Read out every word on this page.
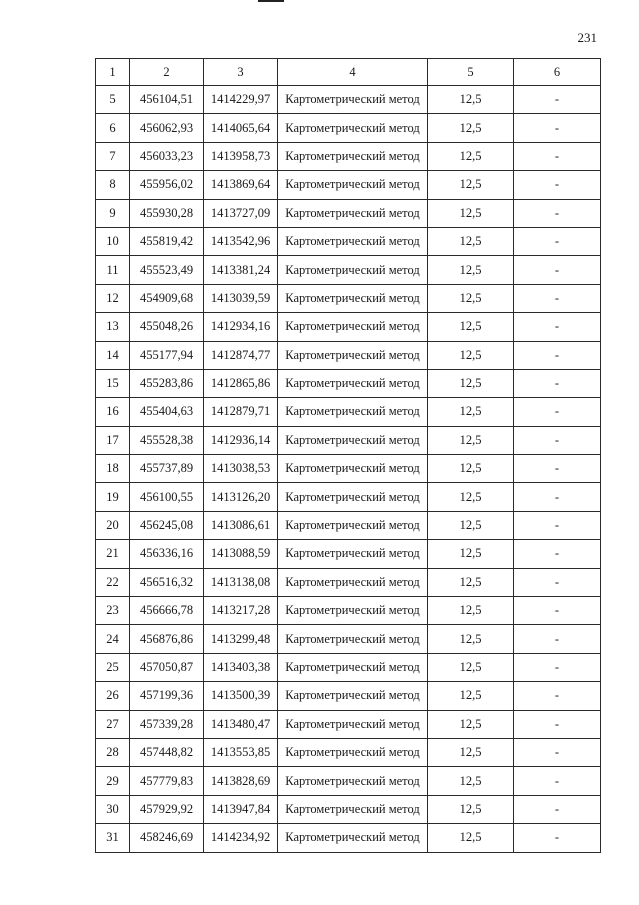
231
1	2	3	4	5	6
5	456104,51	1414229,97	Картометрический метод	12,5	-
6	456062,93	1414065,64	Картометрический метод	12,5	-
7	456033,23	1413958,73	Картометрический метод	12,5	-
8	455956,02	1413869,64	Картометрический метод	12,5	-
9	455930,28	1413727,09	Картометрический метод	12,5	-
10	455819,42	1413542,96	Картометрический метод	12,5	-
11	455523,49	1413381,24	Картометрический метод	12,5	-
12	454909,68	1413039,59	Картометрический метод	12,5	-
13	455048,26	1412934,16	Картометрический метод	12,5	-
14	455177,94	1412874,77	Картометрический метод	12,5	-
15	455283,86	1412865,86	Картометрический метод	12,5	-
16	455404,63	1412879,71	Картометрический метод	12,5	-
17	455528,38	1412936,14	Картометрический метод	12,5	-
18	455737,89	1413038,53	Картометрический метод	12,5	-
19	456100,55	1413126,20	Картометрический метод	12,5	-
20	456245,08	1413086,61	Картометрический метод	12,5	-
21	456336,16	1413088,59	Картометрический метод	12,5	-
22	456516,32	1413138,08	Картометрический метод	12,5	-
23	456666,78	1413217,28	Картометрический метод	12,5	-
24	456876,86	1413299,48	Картометрический метод	12,5	-
25	457050,87	1413403,38	Картометрический метод	12,5	-
26	457199,36	1413500,39	Картометрический метод	12,5	-
27	457339,28	1413480,47	Картометрический метод	12,5	-
28	457448,82	1413553,85	Картометрический метод	12,5	-
29	457779,83	1413828,69	Картометрический метод	12,5	-
30	457929,92	1413947,84	Картометрический метод	12,5	-
31	458246,69	1414234,92	Картометрический метод	12,5	-
